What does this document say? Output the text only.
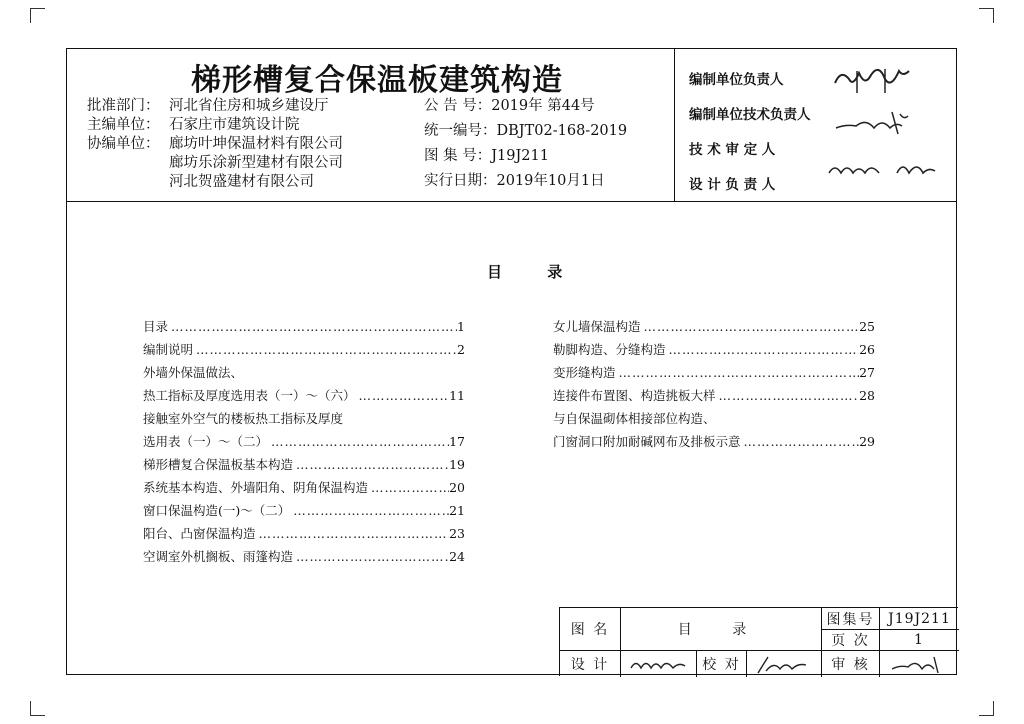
梯形槽复合保温板建筑构造
批准部门： 河北省住房和城乡建设厅
主编单位： 石家庄市建筑设计院
协编单位： 廊坊叶坤保温材料有限公司
廊坊乐涂新型建材有限公司
河北贺盛建材有限公司
公 告 号：2019年 第44号
统一编号：DBJT02-168-2019
图 集 号：J19J211
实行日期：2019年10月1日
编制单位负责人
编制单位技术负责人
技 术 审 定 人
设 计 负 责 人
目 录
目录 ……………………………………………………………………………………………………………	1
编制说明 ……………………………………………………………………………………………………………	2
外墙外保温做法、
热工指标及厚度选用表（一）～（六） ……………………………………………………………………………………………………………	11
接触室外空气的楼板热工指标及厚度
选用表（一）～（二） ……………………………………………………………………………………………………………	17
梯形槽复合保温板基本构造 ……………………………………………………………………………………………………………	19
系统基本构造、外墙阳角、阴角保温构造 ……………………………………………………………………………………………………………	20
窗口保温构造(一)～（二） ……………………………………………………………………………………………………………	21
阳台、凸窗保温构造 ……………………………………………………………………………………………………………	23
空调室外机搁板、雨篷构造 ……………………………………………………………………………………………………………	24
女儿墙保温构造 ……………………………………………………………………………………………………………	25
勒脚构造、分缝构造 ……………………………………………………………………………………………………………	26
变形缝构造 ……………………………………………………………………………………………………………	27
连接件布置图、构造挑板大样 ……………………………………………………………………………………………………………	28
与自保温砌体相接部位构造、
门窗洞口附加耐碱网布及排板示意 ……………………………………………………………………………………………………………	29
图 名	目 录
图集号 J19J211
页 次	1
设 计	校 对	审 核
